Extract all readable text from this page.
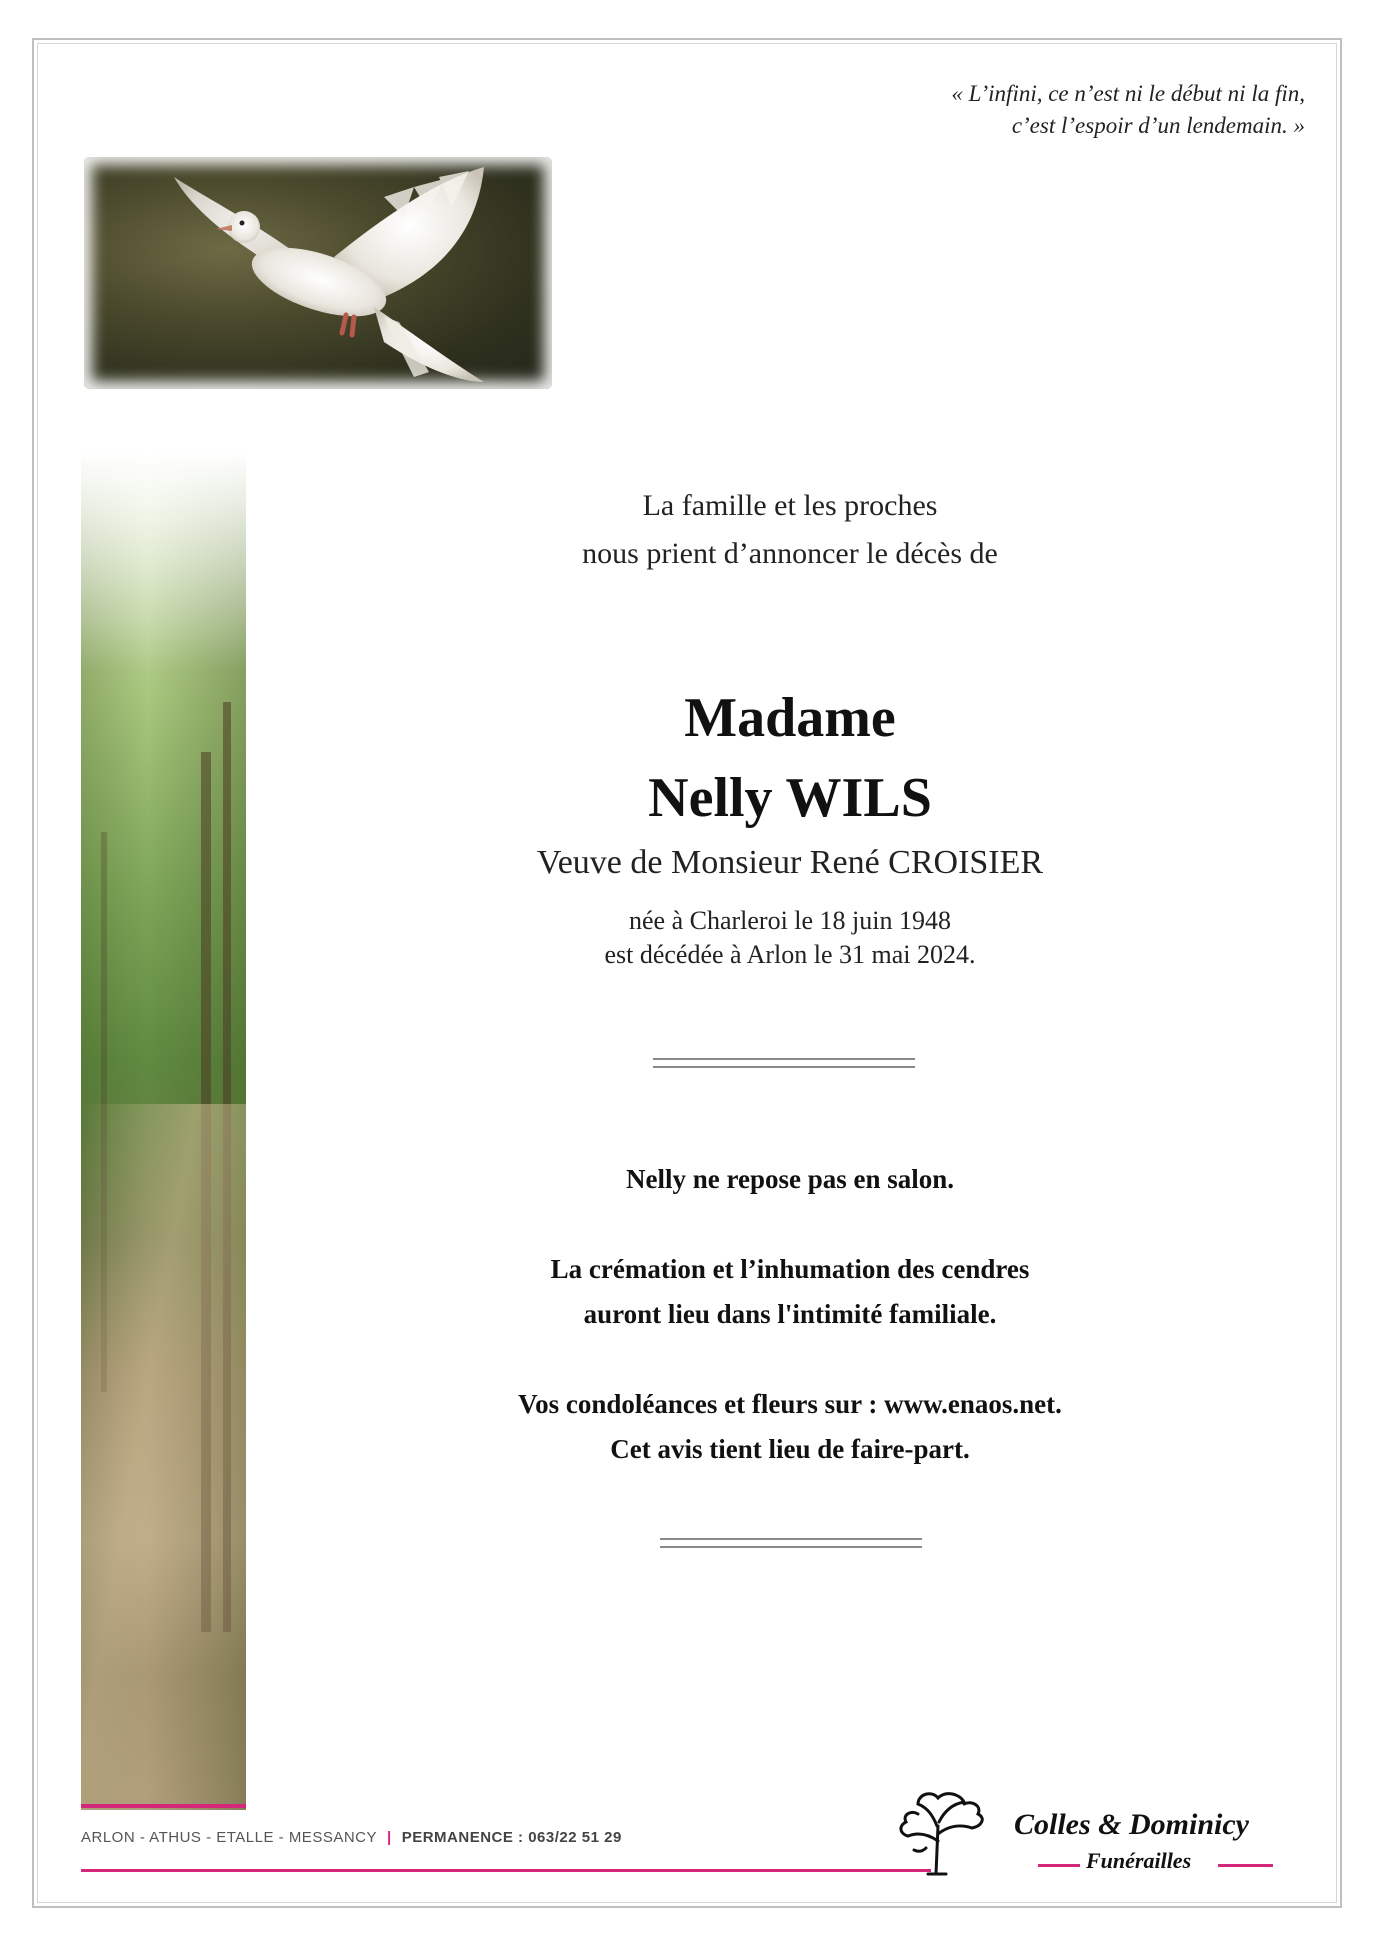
« L’infini, ce n’est ni le début ni la fin,
c’est l’espoir d’un lendemain. »
La famille et les proches
nous prient d’annoncer le décès de
Madame
Nelly WILS
Veuve de Monsieur René CROISIER
née à Charleroi le 18 juin 1948
est décédée à Arlon le 31 mai 2024.

Nelly ne repose pas en salon.

La crémation et l’inhumation des cendres

auront lieu dans l'intimité familiale.

Vos condoléances et fleurs sur : www.enaos.net.

Cet avis tient lieu de faire-part.

ARLON - ATHUS - ETALLE - MESSANCY | PERMANENCE : 063/22 51 29	Colles & Dominicy
Funérailles
